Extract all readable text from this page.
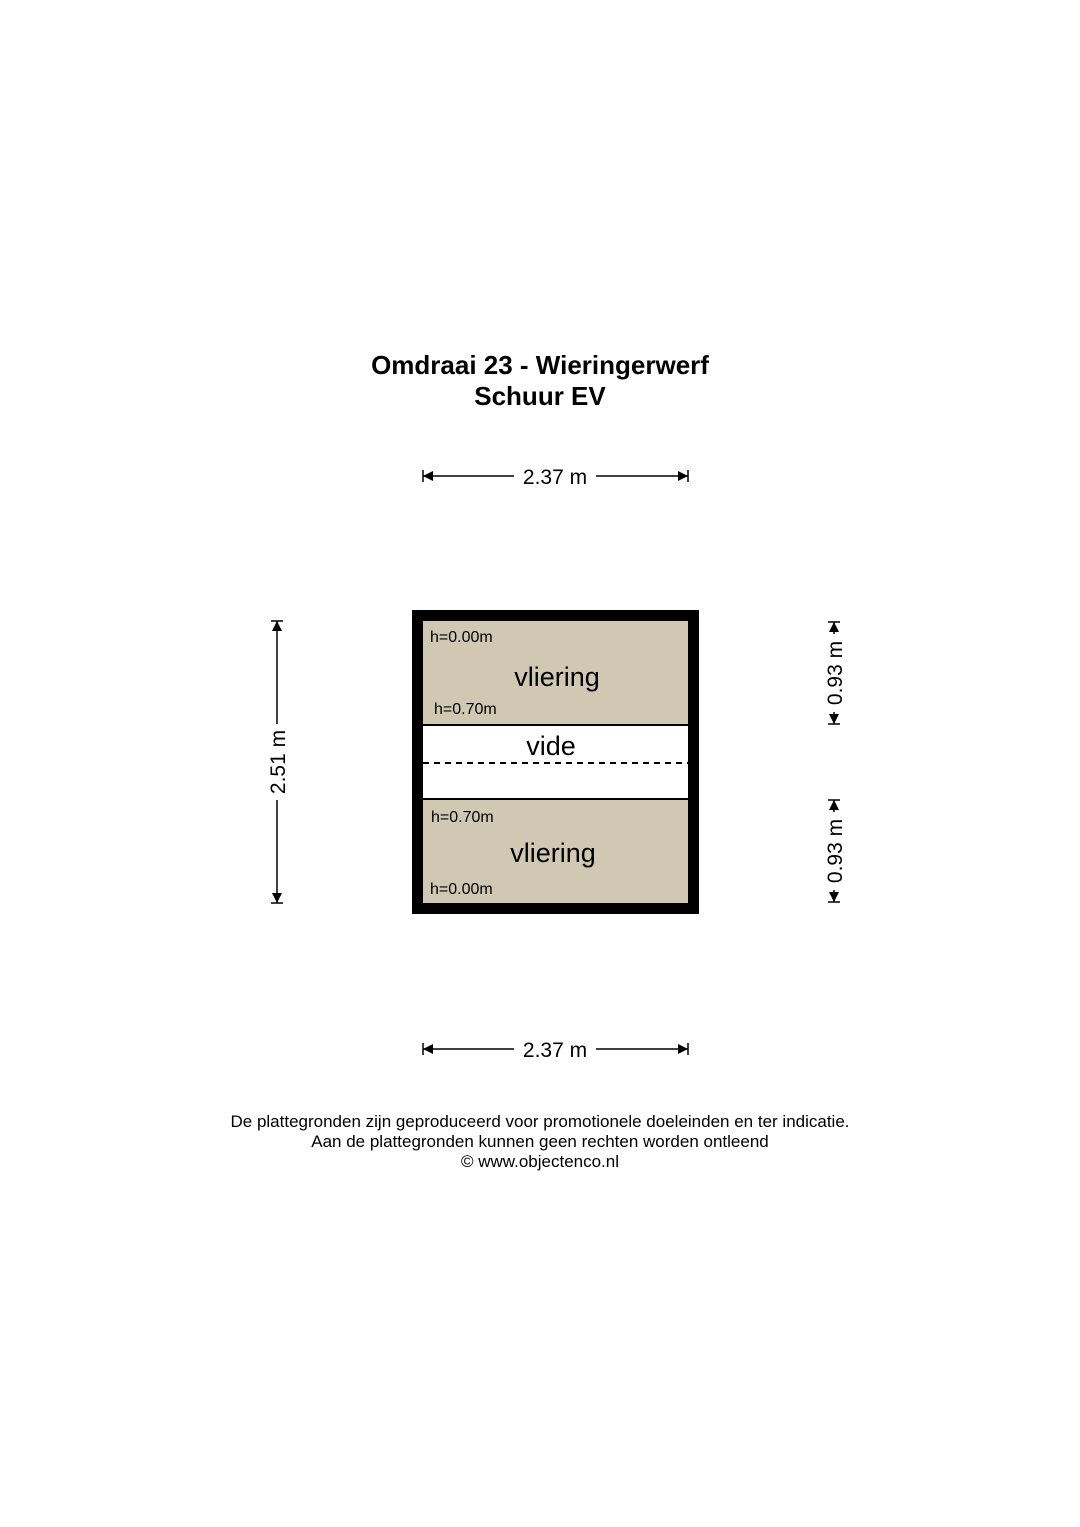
Omdraai 23 - Wieringerwerf
Schuur EV
2.37 m
2.37 m
2.51 m
0.93 m
0.93 m
h=0.00m
vliering
h=0.70m
vide
h=0.70m
vliering
h=0.00m

De plattegronden zijn geproduceerd voor promotionele doeleinden en ter indicatie.

Aan de plattegronden kunnen geen rechten worden ontleend

© www.objectenco.nl
